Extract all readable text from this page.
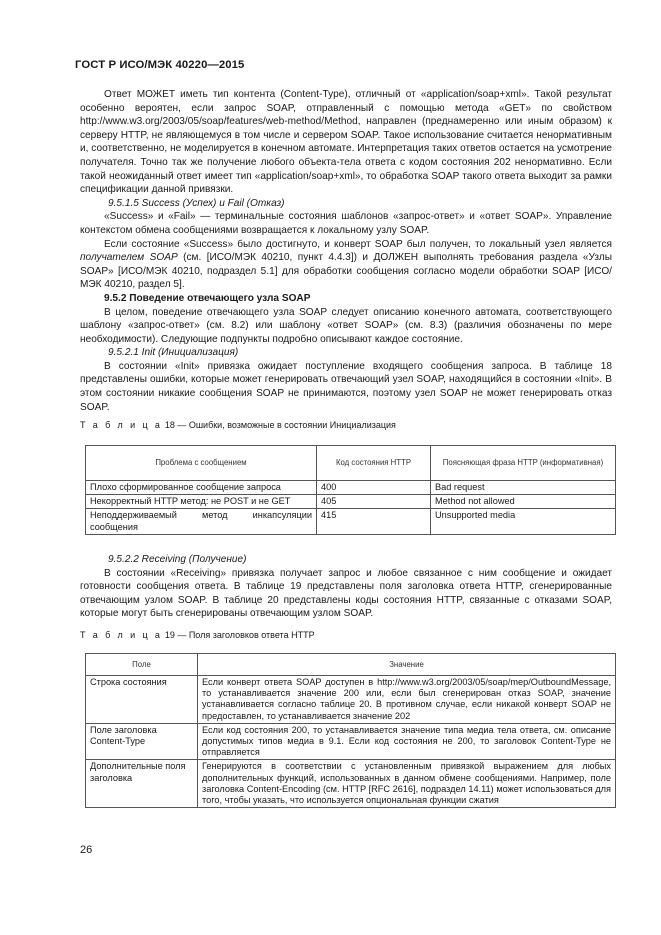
ГОСТ Р ИСО/МЭК 40220—2015

Ответ МОЖЕТ иметь тип контента (Content-Type), отличный от «application/soap+xml». Такой результат особенно вероятен, если запрос SOAP, отправленный с помощью метода «GET» по свойством http://www.w3.org/2003/05/soap/features/web-method/Method, направлен (преднамеренно или иным образом) к серверу HTTP, не являющемуся в том числе и сервером SOAP. Такое использование считается ненормативным и, соответственно, не моделируется в конечном автомате. Интерпретация таких ответов остается на усмотрение получателя. Точно так же получение любого объекта-тела ответа с кодом состояния 202 ненормативно. Если такой неожиданный ответ имеет тип «application/soap+xml», то обработка SOAP такого ответа выходит за рамки спецификации данной привязки.

9.5.1.5 Success (Успех) и Fail (Отказ)

«Success» и «Fail» — терминальные состояния шаблонов «запрос-ответ» и «ответ SOAP». Управление контекстом обмена сообщениями возвращается к локальному узлу SOAP.

Если состояние «Success» было достигнуто, и конверт SOAP был получен, то локальный узел является получателем SOAP (см. [ИСО/МЭК 40210, пункт 4.4.3]) и ДОЛЖЕН выполнять требования раздела «Узлы SOAP» [ИСО/МЭК 40210, подраздел 5.1] для обработки сообщения согласно модели обработки SOAP [ИСО/МЭК 40210, раздел 5].

9.5.2 Поведение отвечающего узла SOAP

В целом, поведение отвечающего узла SOAP следует описанию конечного автомата, соответствующего шаблону «запрос-ответ» (см. 8.2) или шаблону «ответ SOAP» (см. 8.3) (различия обозначены по мере необходимости). Следующие подпункты подробно описывают каждое состояние.

9.5.2.1 Init (Инициализация)

В состоянии «Init» привязка ожидает поступление входящего сообщения запроса. В таблице 18 представлены ошибки, которые может генерировать отвечающий узел SOAP, находящийся в состоянии «Init». В этом состоянии никакие сообщения SOAP не принимаются, поэтому узел SOAP не может генерировать отказ SOAP.

Т а б л и ц а 18 — Ошибки, возможные в состоянии Инициализация
Проблема с сообщением	Код состояния HTTP	Поясняющая фраза HTTP (информативная)
Плохо сформированное сообщение запроса	400	Bad request
Некорректный HTTP метод: не POST и не GET	405	Method not allowed
Неподдерживаемый метод инкапсуляции сообщения	415	Unsupported media

9.5.2.2 Receiving (Получение)

В состоянии «Receiving» привязка получает запрос и любое связанное с ним сообщение и ожидает готовности сообщения ответа. В таблице 19 представлены поля заголовка ответа HTTP, сгенерированные отвечающим узлом SOAP. В таблице 20 представлены коды состояния HTTP, связанные с отказами SOAP, которые могут быть сгенерированы отвечающим узлом SOAP.

Т а б л и ц а 19 — Поля заголовков ответа HTTP
Поле	Значение
Строка состояния	Если конверт ответа SOAP доступен в http://www.w3.org/2003/05/soap/mep/OutboundMessage, то устанавливается значение 200 или, если был сгенерирован отказ SOAP, значение устанавливается согласно таблице 20. В противном случае, если никакой конверт SOAP не предоставлен, то устанавливается значение 202
Поле заголовка Content-Type	Если код состояния 200, то устанавливается значение типа медиа тела ответа, см. описание допустимых типов медиа в 9.1. Если код состояния не 200, то заголовок Content-Type не отправляется
Дополнительные поля заголовка	Генерируются в соответствии с установленным привязкой выражением для любых дополнительных функций, использованных в данном обмене сообщениями. Например, поле заголовка Content-Encoding (см. HTTP [RFC 2616], подраздел 14.11) может использоваться для того, чтобы указать, что используется опциональная функции сжатия
26
